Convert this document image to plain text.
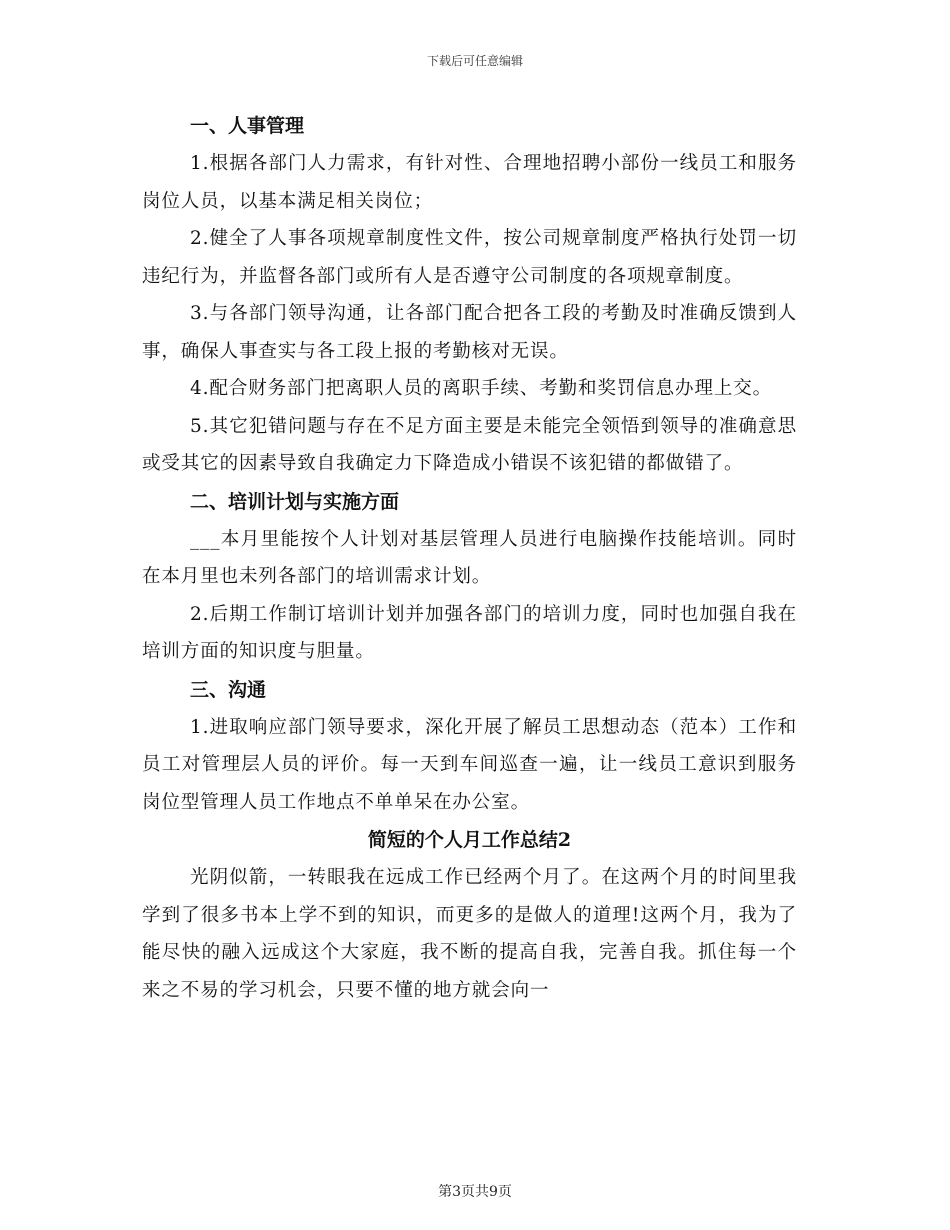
下载后可任意编辑
一、人事管理
1.根据各部门人力需求，有针对性、合理地招聘小部份一线员工和服务岗位人员，以基本满足相关岗位；
2.健全了人事各项规章制度性文件，按公司规章制度严格执行处罚一切违纪行为，并监督各部门或所有人是否遵守公司制度的各项规章制度。
3.与各部门领导沟通，让各部门配合把各工段的考勤及时准确反馈到人事，确保人事查实与各工段上报的考勤核对无误。
4.配合财务部门把离职人员的离职手续、考勤和奖罚信息办理上交。
5.其它犯错问题与存在不足方面主要是未能完全领悟到领导的准确意思或受其它的因素导致自我确定力下降造成小错误不该犯错的都做错了。
二、培训计划与实施方面
___本月里能按个人计划对基层管理人员进行电脑操作技能培训。同时在本月里也未列各部门的培训需求计划。
2.后期工作制订培训计划并加强各部门的培训力度，同时也加强自我在培训方面的知识度与胆量。
三、沟通
1.进取响应部门领导要求，深化开展了解员工思想动态（范本）工作和员工对管理层人员的评价。每一天到车间巡查一遍，让一线员工意识到服务岗位型管理人员工作地点不单单呆在办公室。
简短的个人月工作总结2
光阴似箭，一转眼我在远成工作已经两个月了。在这两个月的时间里我学到了很多书本上学不到的知识，而更多的是做人的道理!这两个月，我为了能尽快的融入远成这个大家庭，我不断的提高自我，完善自我。抓住每一个来之不易的学习机会，只要不懂的地方就会向一
第3页共9页
